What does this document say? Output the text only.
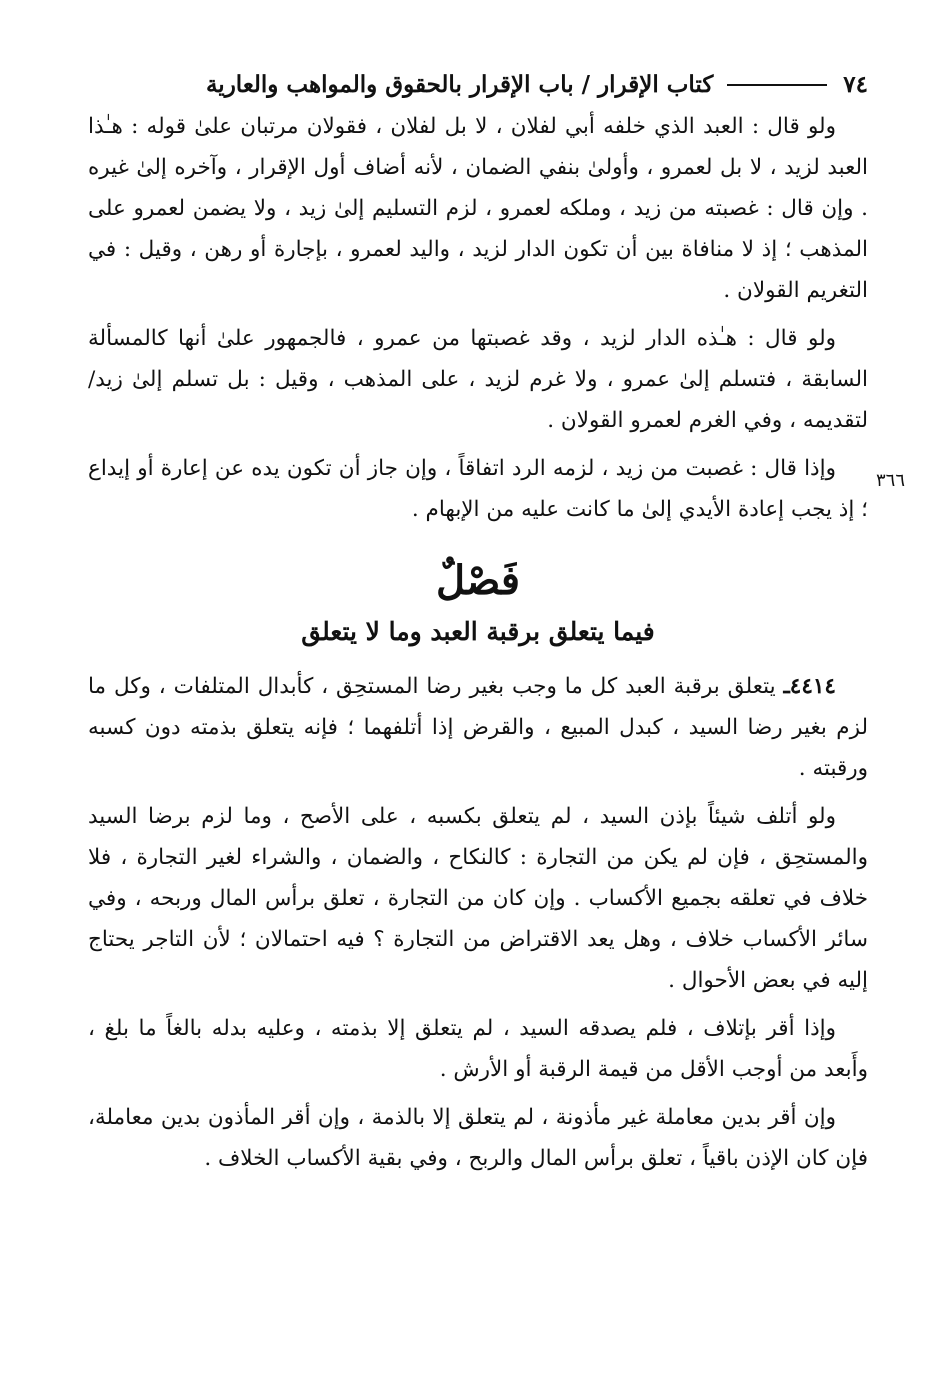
٣٦٦
٧٤
كتاب الإقرار / باب الإقرار بالحقوق والمواهب والعارية

ولو قال : العبد الذي خلفه أبي لفلان ، لا بل لفلان ، فقولان مرتبان علىٰ قوله : هـٰذا العبد لزيد ، لا بل لعمرو ، وأولىٰ بنفي الضمان ، لأنه أضاف أول الإقرار ، وآخره إلىٰ غيره . وإن قال : غصبته من زيد ، وملكه لعمرو ، لزم التسليم إلىٰ زيد ، ولا يضمن لعمرو على المذهب ؛ إذ لا منافاة بين أن تكون الدار لزيد ، واليد لعمرو ، بإجارة أو رهن ، وقيل : في التغريم القولان .

ولو قال : هـٰذه الدار لزيد ، وقد غصبتها من عمرو ، فالجمهور علىٰ أنها كالمسألة السابقة ، فتسلم إلىٰ عمرو ، ولا غرم لزيد ، على المذهب ، وقيل : بل تسلم إلىٰ زيد/ لتقديمه ، وفي الغرم لعمرو القولان .

وإذا قال : غصبت من زيد ، لزمه الرد اتفاقاً ، وإن جاز أن تكون يده عن إعارة أو إيداع ؛ إذ يجب إعادة الأيدي إلىٰ ما كانت عليه من الإبهام .

فَصْلٌ
فيما يتعلق برقبة العبد وما لا يتعلق

٤٤١٤ـ يتعلق برقبة العبد كل ما وجب بغير رضا المستحِق ، كأبدال المتلفات ، وكل ما لزم بغير رضا السيد ، كبدل المبيع ، والقرض إذا أتلفهما ؛ فإنه يتعلق بذمته دون كسبه ورقبته .

ولو أتلف شيئاً بإذن السيد ، لم يتعلق بكسبه ، على الأصح ، وما لزم برضا السيد والمستحِق ، فإن لم يكن من التجارة : كالنكاح ، والضمان ، والشراء لغير التجارة ، فلا خلاف في تعلقه بجميع الأكساب . وإن كان من التجارة ، تعلق برأس المال وربحه ، وفي سائر الأكساب خلاف ، وهل يعد الاقتراض من التجارة ؟ فيه احتمالان ؛ لأن التاجر يحتاج إليه في بعض الأحوال .

وإذا أقر بإتلاف ، فلم يصدقه السيد ، لم يتعلق إلا بذمته ، وعليه بدله بالغاً ما بلغ ، وأَبعد من أوجب الأقل من قيمة الرقبة أو الأرش .

وإن أقر بدين معاملة غير مأذونة ، لم يتعلق إلا بالذمة ، وإن أقر المأذون بدين معاملة، فإن كان الإذن باقياً ، تعلق برأس المال والربح ، وفي بقية الأكساب الخلاف .
